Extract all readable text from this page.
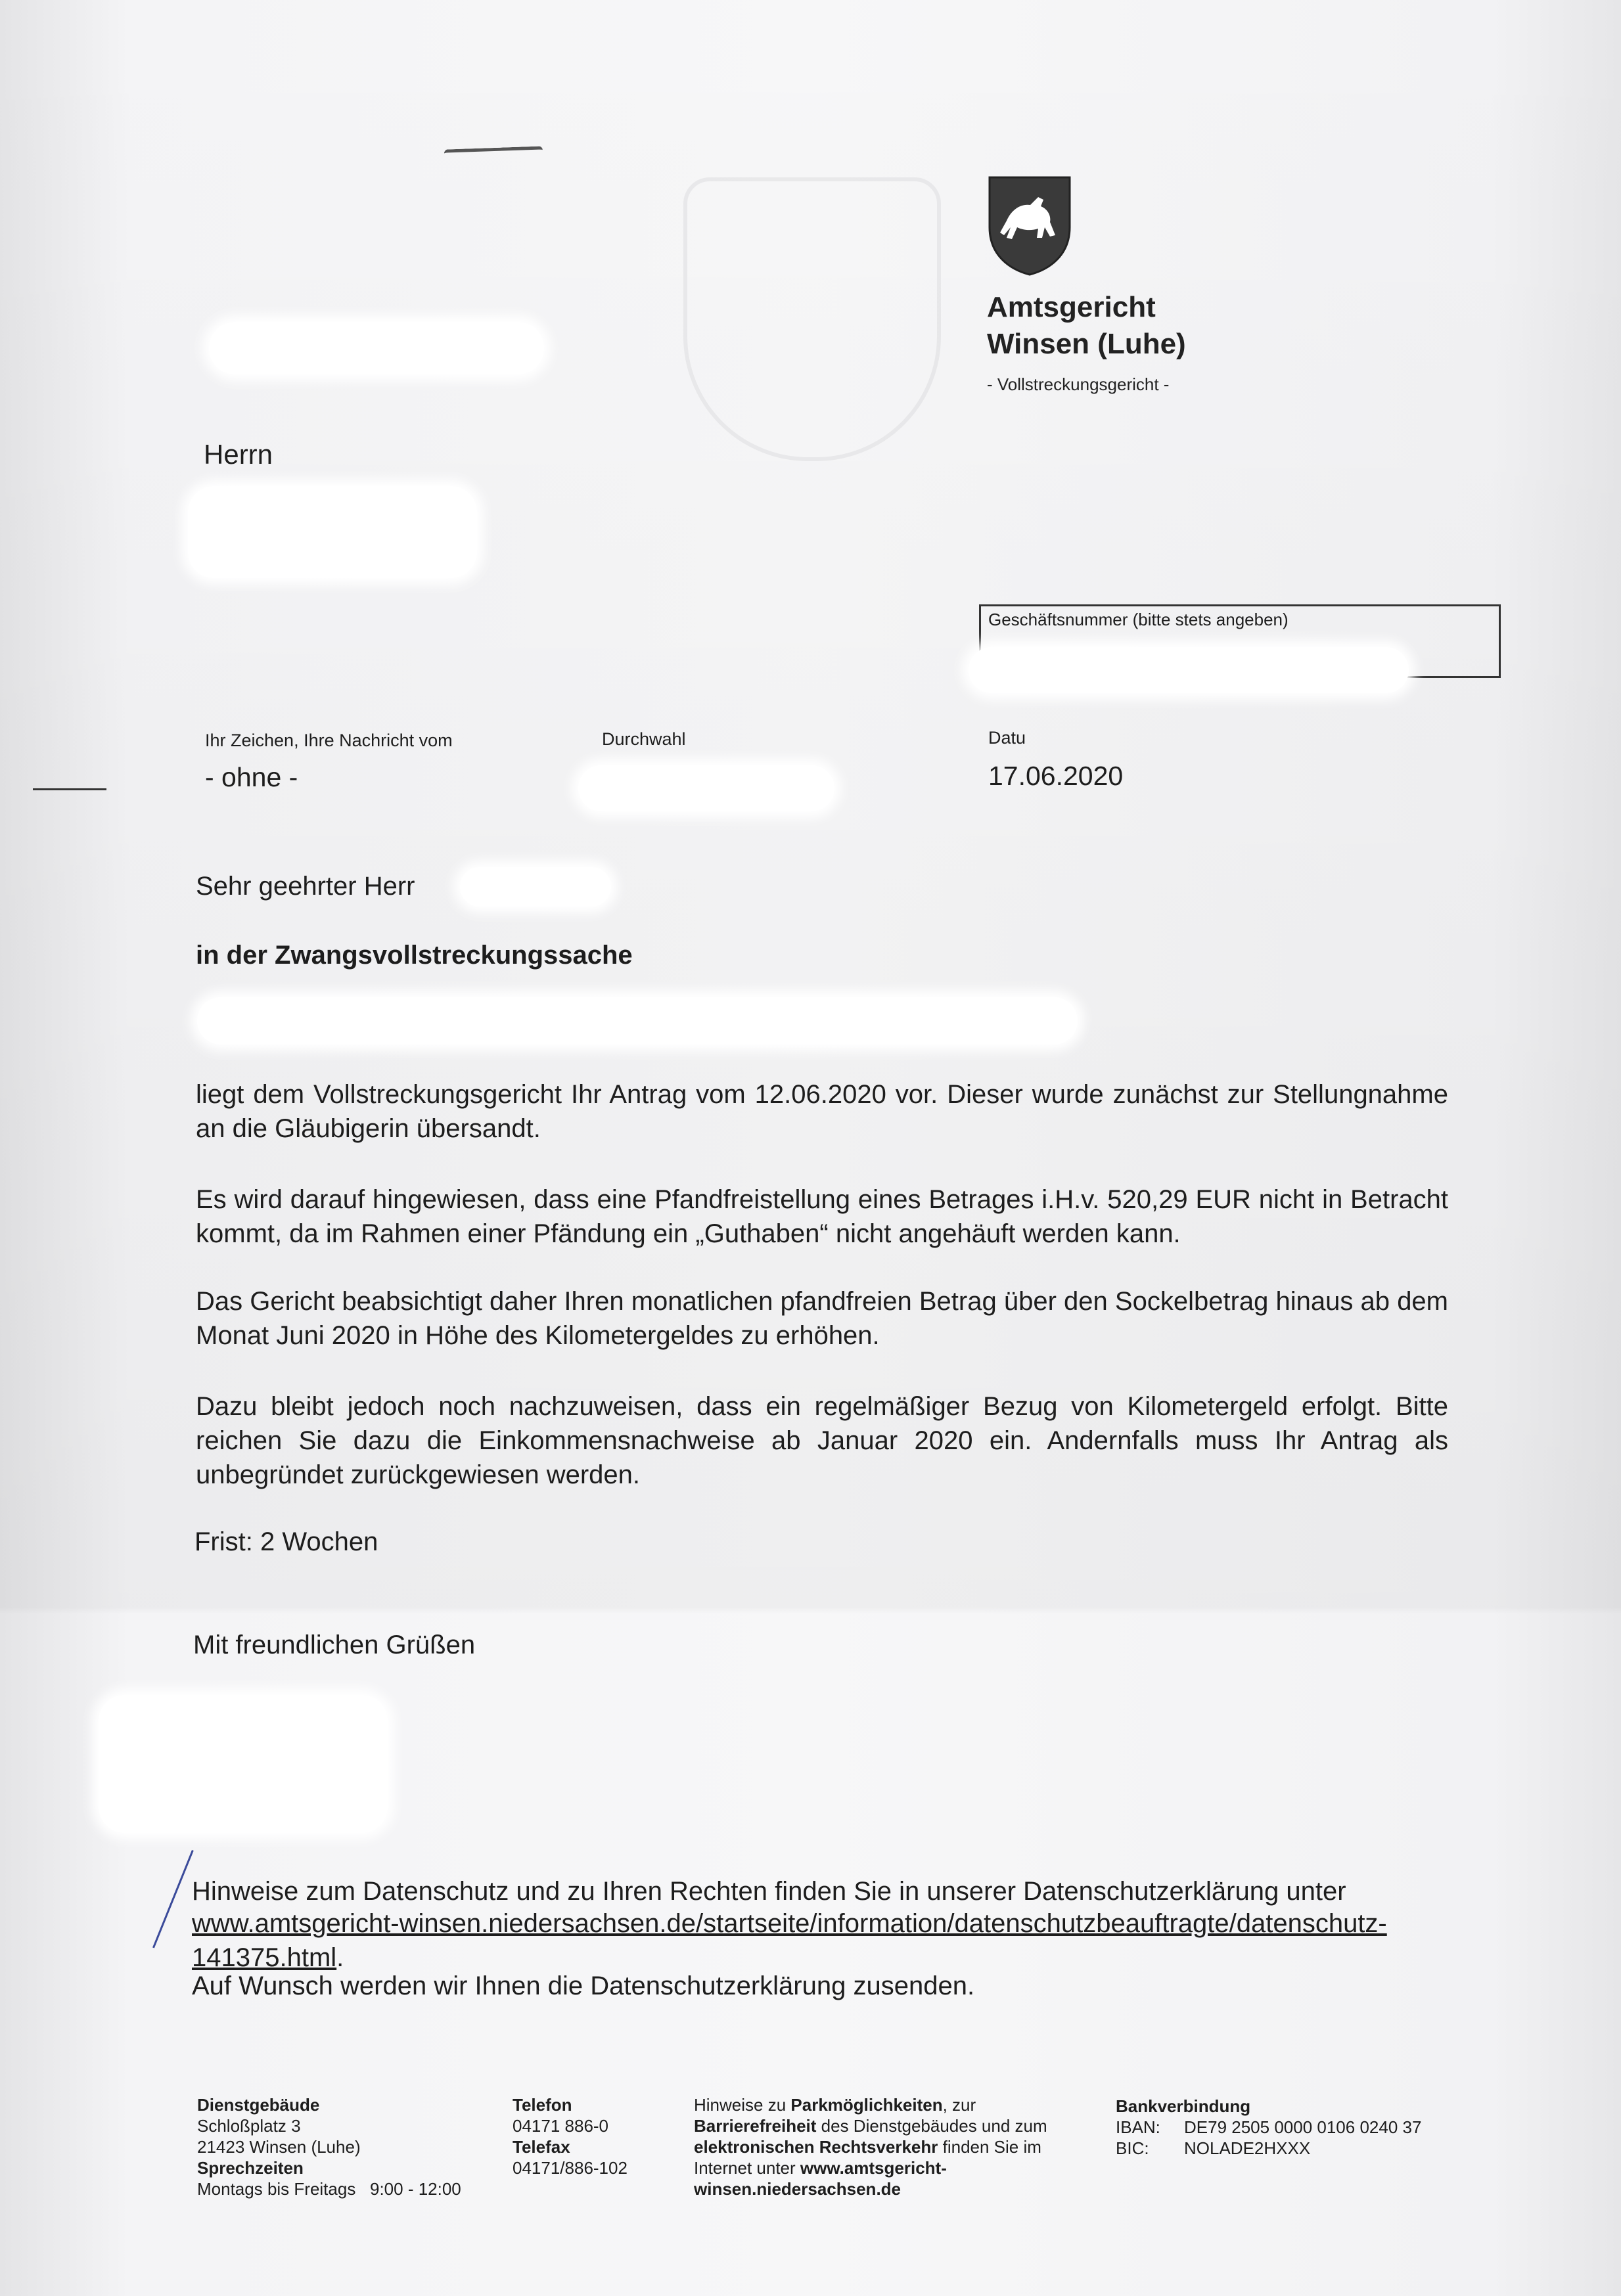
Amtsgericht
Winsen (Luhe)
- Vollstreckungsgericht -
Herrn
Geschäftsnummer (bitte stets angeben)
Ihr Zeichen, Ihre Nachricht vom
- ohne -
Durchwahl	Datu
17.06.2020
Sehr geehrter Herr
in der Zwangsvollstreckungssache
liegt dem Vollstreckungsgericht Ihr Antrag vom 12.06.2020 vor. Dieser wurde zunächst zur Stellungnahme an die Gläubigerin übersandt.
Es wird darauf hingewiesen, dass eine Pfandfreistellung eines Betrages i.H.v. 520,29 EUR nicht in Betracht kommt, da im Rahmen einer Pfändung ein „Guthaben“ nicht angehäuft werden kann.
Das Gericht beabsichtigt daher Ihren monatlichen pfandfreien Betrag über den Sockelbetrag hinaus ab dem Monat Juni 2020 in Höhe des Kilometergeldes zu erhöhen.
Dazu bleibt jedoch noch nachzuweisen, dass ein regelmäßiger Bezug von Kilometergeld erfolgt. Bitte reichen Sie dazu die Einkommensnachweise ab Januar 2020 ein. Andernfalls muss Ihr Antrag als unbegründet zurückgewiesen werden.
Frist: 2 Wochen
Mit freundlichen Grüßen
Hinweise zum Datenschutz und zu Ihren Rechten finden Sie in unserer Datenschutzerklärung unter
www.amtsgericht-winsen.niedersachsen.de/startseite/information/datenschutzbeauftragte/datenschutz-
141375.html.
Auf Wunsch werden wir Ihnen die Datenschutzerklärung zusenden.
Dienstgebäude
Schloßplatz 3
21423 Winsen (Luhe)
Sprechzeiten
Montags bis Freitags   9:00 - 12:00
Telefon
04171 886-0
Telefax
04171/886-102
Hinweise zu Parkmöglichkeiten, zur
Barrierefreiheit des Dienstgebäudes und zum
elektronischen Rechtsverkehr finden Sie im
Internet unter www.amtsgericht-
winsen.niedersachsen.de
Bankverbindung
IBAN: DE79 2505 0000 0106 0240 37
BIC: NOLADE2HXXX
